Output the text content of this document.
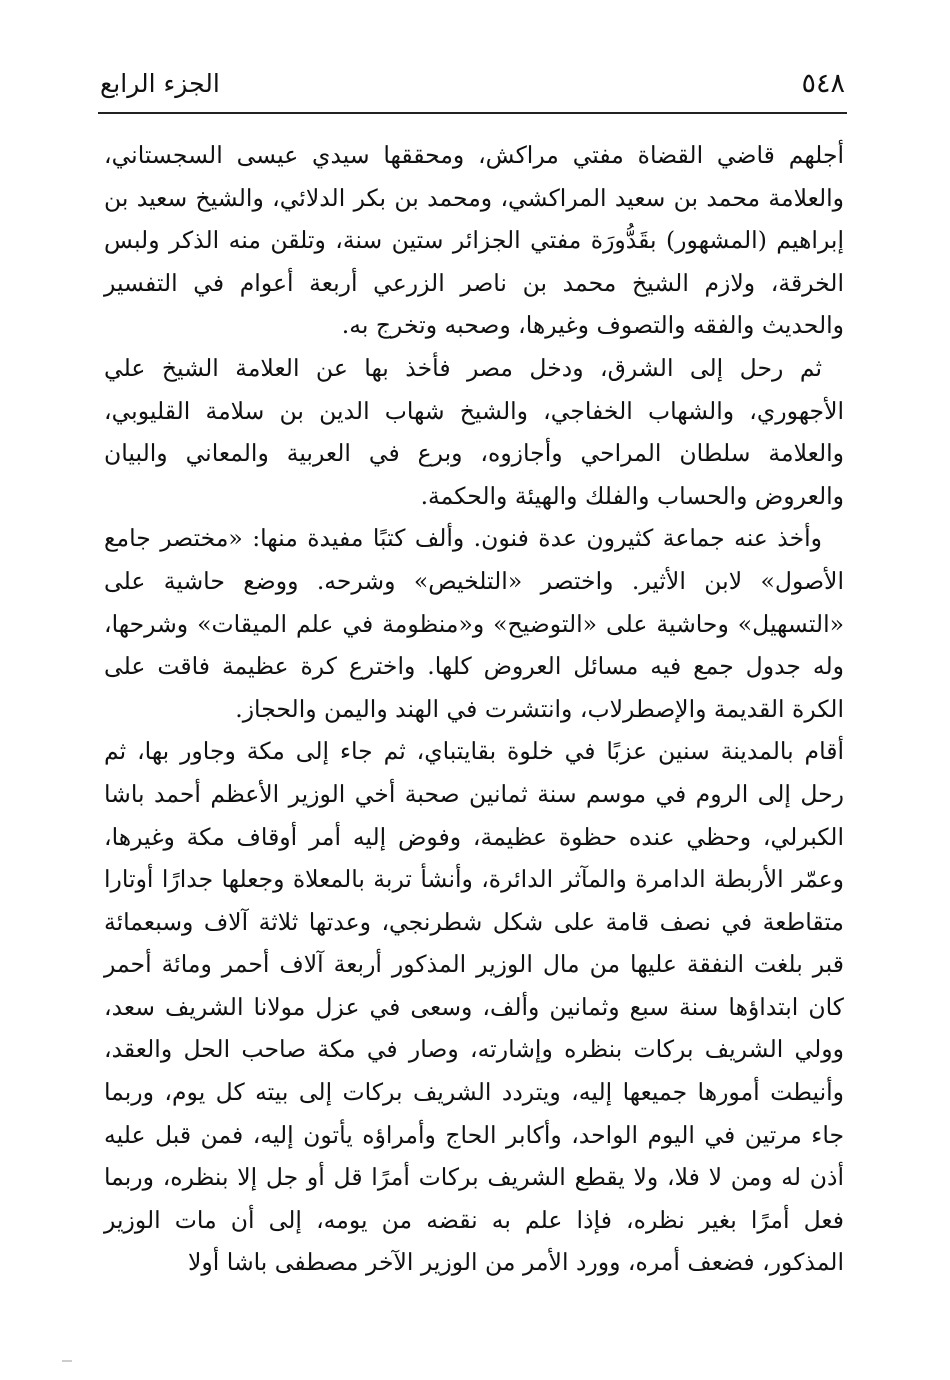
٥٤٨
الجزء الرابع

أجلهم قاضي القضاة مفتي مراكش، ومحققها سيدي عيسى السجستاني، والعلامة محمد بن سعيد المراكشي، ومحمد بن بكر الدلائي، والشيخ سعيد بن إبراهيم (المشهور) بقَدُّورَة مفتي الجزائر ستين سنة، وتلقن منه الذكر ولبس الخرقة، ولازم الشيخ محمد بن ناصر الزرعي أربعة أعوام في التفسير والحديث والفقه والتصوف وغيرها، وصحبه وتخرج به.

ثم رحل إلى الشرق، ودخل مصر فأخذ بها عن العلامة الشيخ علي الأجهوري، والشهاب الخفاجي، والشيخ شهاب الدين بن سلامة القليوبي، والعلامة سلطان المراحي وأجازوه، وبرع في العربية والمعاني والبيان والعروض والحساب والفلك والهيئة والحكمة.

وأخذ عنه جماعة كثيرون عدة فنون. وألف كتبًا مفيدة منها: «مختصر جامع الأصول» لابن الأثير. واختصر «التلخيص» وشرحه. ووضع حاشية على «التسهيل» وحاشية على «التوضيح» و«منظومة في علم الميقات» وشرحها، وله جدول جمع فيه مسائل العروض كلها. واخترع كرة عظيمة فاقت على الكرة القديمة والإصطرلاب، وانتشرت في الهند واليمن والحجاز.

أقام بالمدينة سنين عزبًا في خلوة بقايتباي، ثم جاء إلى مكة وجاور بها، ثم رحل إلى الروم في موسم سنة ثمانين صحبة أخي الوزير الأعظم أحمد باشا الكبرلي، وحظي عنده حظوة عظيمة، وفوض إليه أمر أوقاف مكة وغيرها، وعمّر الأربطة الدامرة والمآثر الدائرة، وأنشأ تربة بالمعلاة وجعلها جدارًا أوتارا متقاطعة في نصف قامة على شكل شطرنجي، وعدتها ثلاثة آلاف وسبعمائة قبر بلغت النفقة عليها من مال الوزير المذكور أربعة آلاف أحمر ومائة أحمر كان ابتداؤها سنة سبع وثمانين وألف، وسعى في عزل مولانا الشريف سعد، وولي الشريف بركات بنظره وإشارته، وصار في مكة صاحب الحل والعقد، وأنيطت أمورها جميعها إليه، ويتردد الشريف بركات إلى بيته كل يوم، وربما جاء مرتين في اليوم الواحد، وأكابر الحاج وأمراؤه يأتون إليه، فمن قبل عليه أذن له ومن لا فلا، ولا يقطع الشريف بركات أمرًا قل أو جل إلا بنظره، وربما فعل أمرًا بغير نظره، فإذا علم به نقضه من يومه، إلى أن مات الوزير المذكور، فضعف أمره، وورد الأمر من الوزير الآخر مصطفى باشا أولا
